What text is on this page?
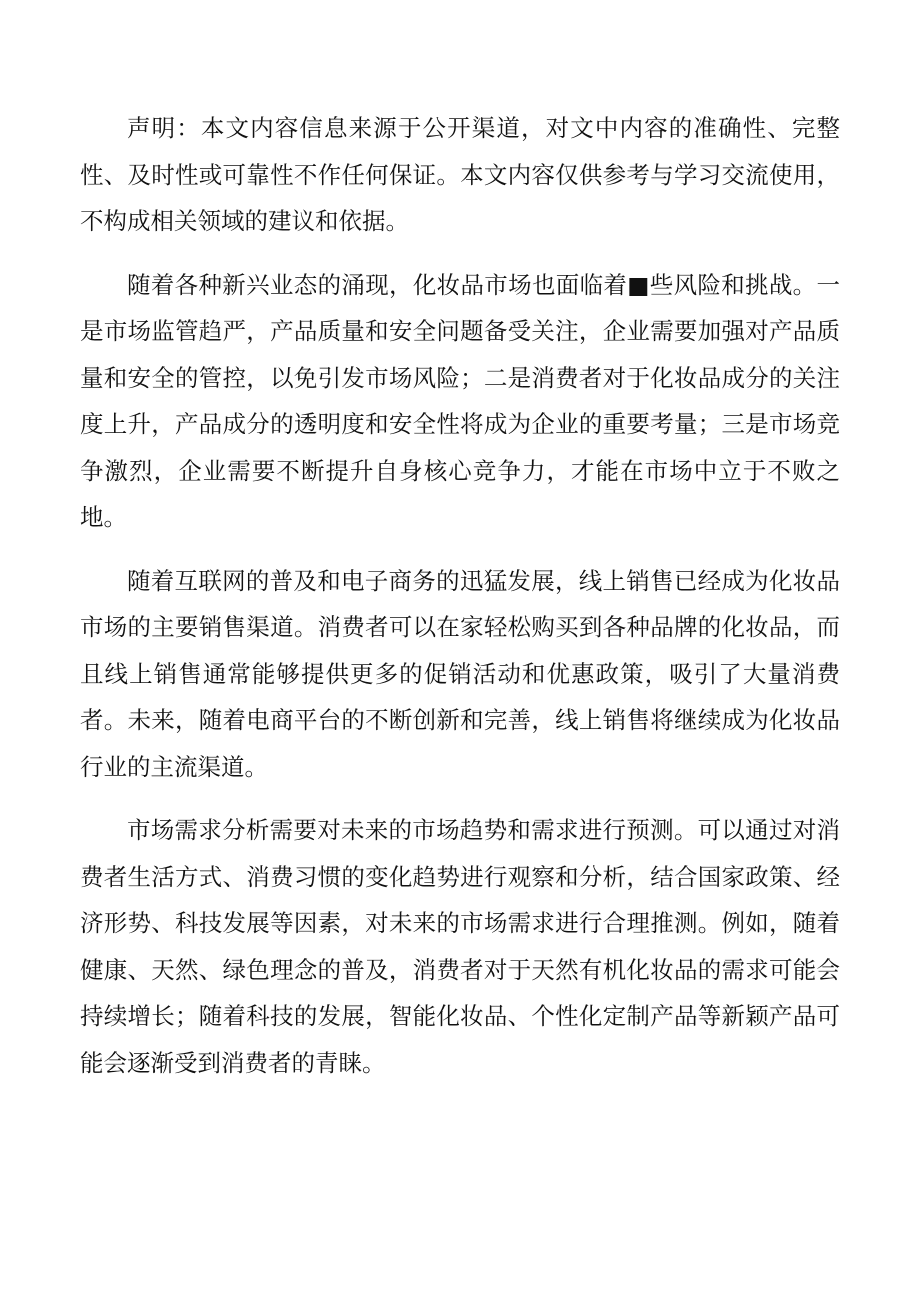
声明：本文内容信息来源于公开渠道，对文中内容的准确性、完整性、及时性或可靠性不作任何保证。本文内容仅供参考与学习交流使用，不构成相关领域的建议和依据。

随着各种新兴业态的涌现，化妆品市场也面临着■些风险和挑战。一是市场监管趋严，产品质量和安全问题备受关注，企业需要加强对产品质量和安全的管控，以免引发市场风险；二是消费者对于化妆品成分的关注度上升，产品成分的透明度和安全性将成为企业的重要考量；三是市场竞争激烈，企业需要不断提升自身核心竞争力，才能在市场中立于不败之地。

随着互联网的普及和电子商务的迅猛发展，线上销售已经成为化妆品市场的主要销售渠道。消费者可以在家轻松购买到各种品牌的化妆品，而且线上销售通常能够提供更多的促销活动和优惠政策，吸引了大量消费者。未来，随着电商平台的不断创新和完善，线上销售将继续成为化妆品行业的主流渠道。

市场需求分析需要对未来的市场趋势和需求进行预测。可以通过对消费者生活方式、消费习惯的变化趋势进行观察和分析，结合国家政策、经济形势、科技发展等因素，对未来的市场需求进行合理推测。例如，随着健康、天然、绿色理念的普及，消费者对于天然有机化妆品的需求可能会持续增长；随着科技的发展，智能化妆品、个性化定制产品等新颖产品可能会逐渐受到消费者的青睐。
